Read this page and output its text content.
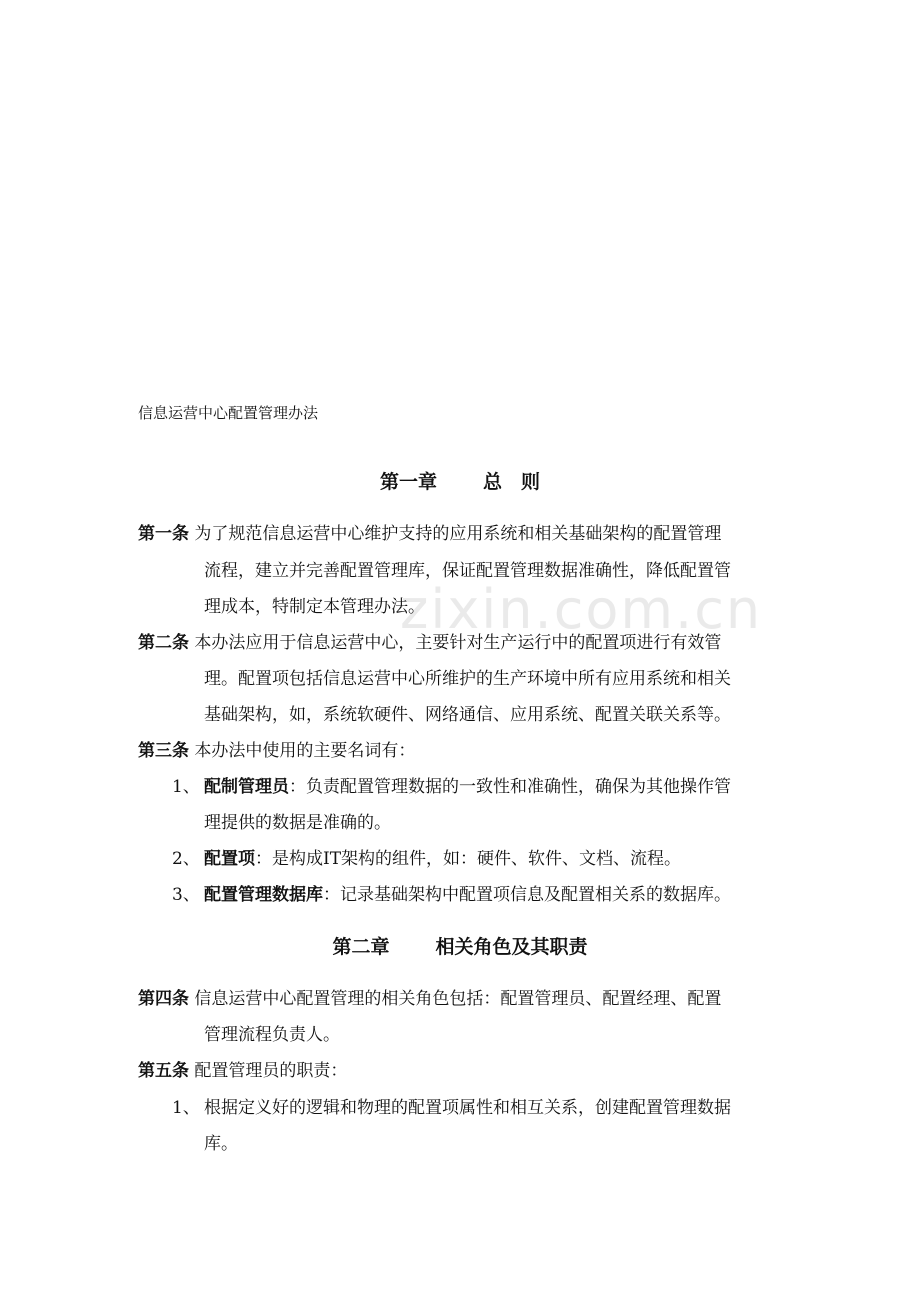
zixin.com.cn
信息运营中心配置管理办法
第一章 总　则
第一条 为了规范信息运营中心维护支持的应用系统和相关基础架构的配置管理
流程，建立并完善配置管理库，保证配置管理数据准确性，降低配置管
理成本，特制定本管理办法。
第二条 本办法应用于信息运营中心，主要针对生产运行中的配置项进行有效管
理。配置项包括信息运营中心所维护的生产环境中所有应用系统和相关
基础架构，如，系统软硬件、网络通信、应用系统、配置关联关系等。
第三条 本办法中使用的主要名词有：
1、 配制管理员：负责配置管理数据的一致性和准确性，确保为其他操作管
理提供的数据是准确的。
2、 配置项：是构成IT架构的组件，如：硬件、软件、文档、流程。
3、 配置管理数据库：记录基础架构中配置项信息及配置相关系的数据库。
第二章 相关角色及其职责
第四条 信息运营中心配置管理的相关角色包括：配置管理员、配置经理、配置
管理流程负责人。
第五条 配置管理员的职责：
1、 根据定义好的逻辑和物理的配置项属性和相互关系，创建配置管理数据
库。
